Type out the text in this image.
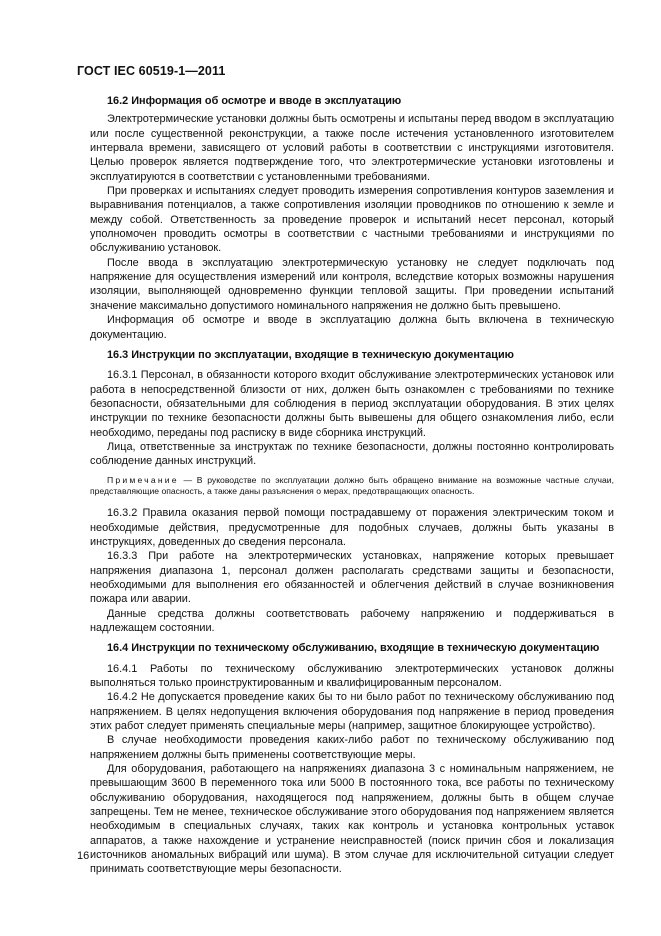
ГОСТ IEC 60519-1—2011
16.2 Информация об осмотре и вводе в эксплуатацию

Электротермические установки должны быть осмотрены и испытаны перед вводом в эксплуатацию или после существенной реконструкции, а также после истечения установленного изготовителем интервала времени, зависящего от условий работы в соответствии с инструкциями изготовителя. Целью проверок является подтверждение того, что электротермические установки изготовлены и эксплуатируются в соответствии с установленными требованиями.

При проверках и испытаниях следует проводить измерения сопротивления контуров заземления и выравнивания потенциалов, а также сопротивления изоляции проводников по отношению к земле и между собой. Ответственность за проведение проверок и испытаний несет персонал, который уполномочен проводить осмотры в соответствии с частными требованиями и инструкциями по обслуживанию установок.

После ввода в эксплуатацию электротермическую установку не следует подключать под напряжение для осуществления измерений или контроля, вследствие которых возможны нарушения изоляции, выполняющей одновременно функции тепловой защиты. При проведении испытаний значение максимально допустимого номинального напряжения не должно быть превышено.

Информация об осмотре и вводе в эксплуатацию должна быть включена в техническую документацию.

16.3 Инструкции по эксплуатации, входящие в техническую документацию

16.3.1 Персонал, в обязанности которого входит обслуживание электротермических установок или работа в непосредственной близости от них, должен быть ознакомлен с требованиями по технике безопасности, обязательными для соблюдения в период эксплуатации оборудования. В этих целях инструкции по технике безопасности должны быть вывешены для общего ознакомления либо, если необходимо, переданы под расписку в виде сборника инструкций.

Лица, ответственные за инструктаж по технике безопасности, должны постоянно контролировать соблюдение данных инструкций.

Примечание — В руководстве по эксплуатации должно быть обращено внимание на возможные частные случаи, представляющие опасность, а также даны разъяснения о мерах, предотвращающих опасность.

16.3.2 Правила оказания первой помощи пострадавшему от поражения электрическим током и необходимые действия, предусмотренные для подобных случаев, должны быть указаны в инструкциях, доведенных до сведения персонала.

16.3.3 При работе на электротермических установках, напряжение которых превышает напряжения диапазона 1, персонал должен располагать средствами защиты и безопасности, необходимыми для выполнения его обязанностей и облегчения действий в случае возникновения пожара или аварии.

Данные средства должны соответствовать рабочему напряжению и поддерживаться в надлежащем состоянии.

16.4 Инструкции по техническому обслуживанию, входящие в техническую документацию

16.4.1 Работы по техническому обслуживанию электротермических установок должны выполняться только проинструктированным и квалифицированным персоналом.

16.4.2 Не допускается проведение каких бы то ни было работ по техническому обслуживанию под напряжением. В целях недопущения включения оборудования под напряжение в период проведения этих работ следует применять специальные меры (например, защитное блокирующее устройство).

В случае необходимости проведения каких-либо работ по техническому обслуживанию под напряжением должны быть применены соответствующие меры.

Для оборудования, работающего на напряжениях диапазона 3 с номинальным напряжением, не превышающим 3600 В переменного тока или 5000 В постоянного тока, все работы по техническому обслуживанию оборудования, находящегося под напряжением, должны быть в общем случае запрещены. Тем не менее, техническое обслуживание этого оборудования под напряжением является необходимым в специальных случаях, таких как контроль и установка контрольных уставок аппаратов, а также нахождение и устранение неисправностей (поиск причин сбоя и локализация источников аномальных вибраций или шума). В этом случае для исключительной ситуации следует принимать соответствующие меры безопасности.

16
